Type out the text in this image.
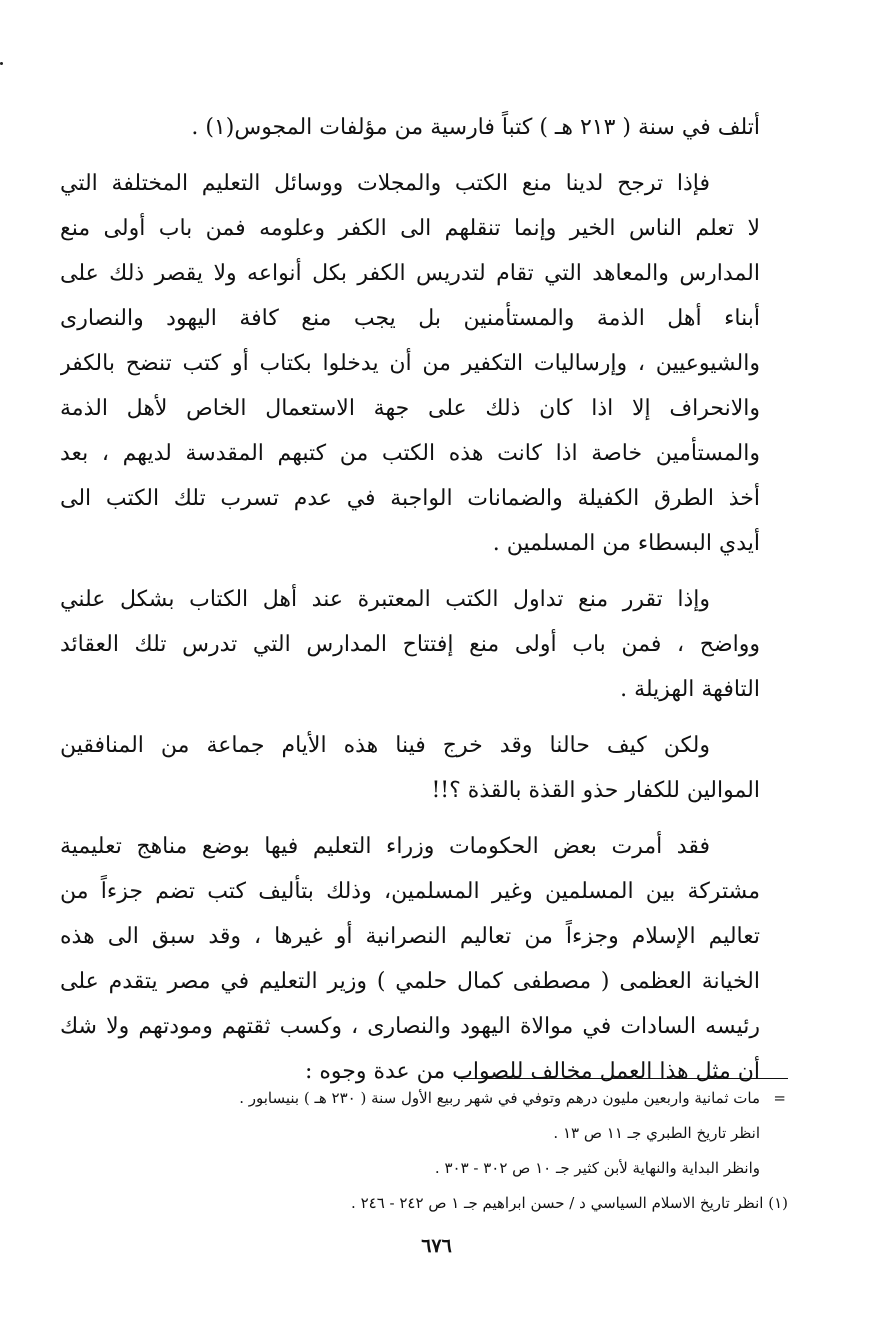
أتلف في سنة ( ٢١٣ هـ ) كتباً فارسية من مؤلفات المجوس(١) .
فإذا ترجح لدينا منع الكتب والمجلات ووسائل التعليم المختلفة التي
لا تعلم الناس الخير وإنما تنقلهم الى الكفر وعلومه فمن باب أولى منع
المدارس والمعاهد التي تقام لتدريس الكفر بكل أنواعه ولا يقصر ذلك على
أبناء أهل الذمة والمستأمنين بل يجب منع كافة اليهود والنصارى
والشيوعيين ، وإرساليات التكفير من أن يدخلوا بكتاب أو كتب تنضح بالكفر
والانحراف إلا اذا كان ذلك على جهة الاستعمال الخاص لأهل الذمة
والمستأمين خاصة اذا كانت هذه الكتب من كتبهم المقدسة لديهم ، بعد
أخذ الطرق الكفيلة والضمانات الواجبة في عدم تسرب تلك الكتب الى
أيدي البسطاء من المسلمين .
وإذا تقرر منع تداول الكتب المعتبرة عند أهل الكتاب بشكل علني
وواضح ، فمن باب أولى منع إفتتاح المدارس التي تدرس تلك العقائد
التافهة الهزيلة .
ولكن كيف حالنا وقد خرج فينا هذه الأيام جماعة من المنافقين
الموالين للكفار حذو القذة بالقذة ؟!!
فقد أمرت بعض الحكومات وزراء التعليم فيها بوضع مناهج تعليمية
مشتركة بين المسلمين وغير المسلمين، وذلك بتأليف كتب تضم جزءاً من
تعاليم الإسلام وجزءاً من تعاليم النصرانية أو غيرها ، وقد سبق الى هذه
الخيانة العظمى ( مصطفى كمال حلمي ) وزير التعليم في مصر يتقدم على
رئيسه السادات في موالاة اليهود والنصارى ، وكسب ثقتهم ومودتهم ولا شك
أن مثل هذا العمل مخالف للصواب من عدة وجوه :
=
مات ثمانية واربعين مليون درهم وتوفي في شهر ربيع الأول سنة ( ٢٣٠ هـ ) بنيسابور .
انظر تاريخ الطبري جـ ١١ ص ١٣ .
وانظر البداية والنهاية لأبن كثير جـ ١٠ ص ٣٠٢ - ٣٠٣ .
(١) انظر تاريخ الاسلام السياسي د / حسن ابراهيم جـ ١ ص ٢٤٢ - ٢٤٦ .
٦٧٦
